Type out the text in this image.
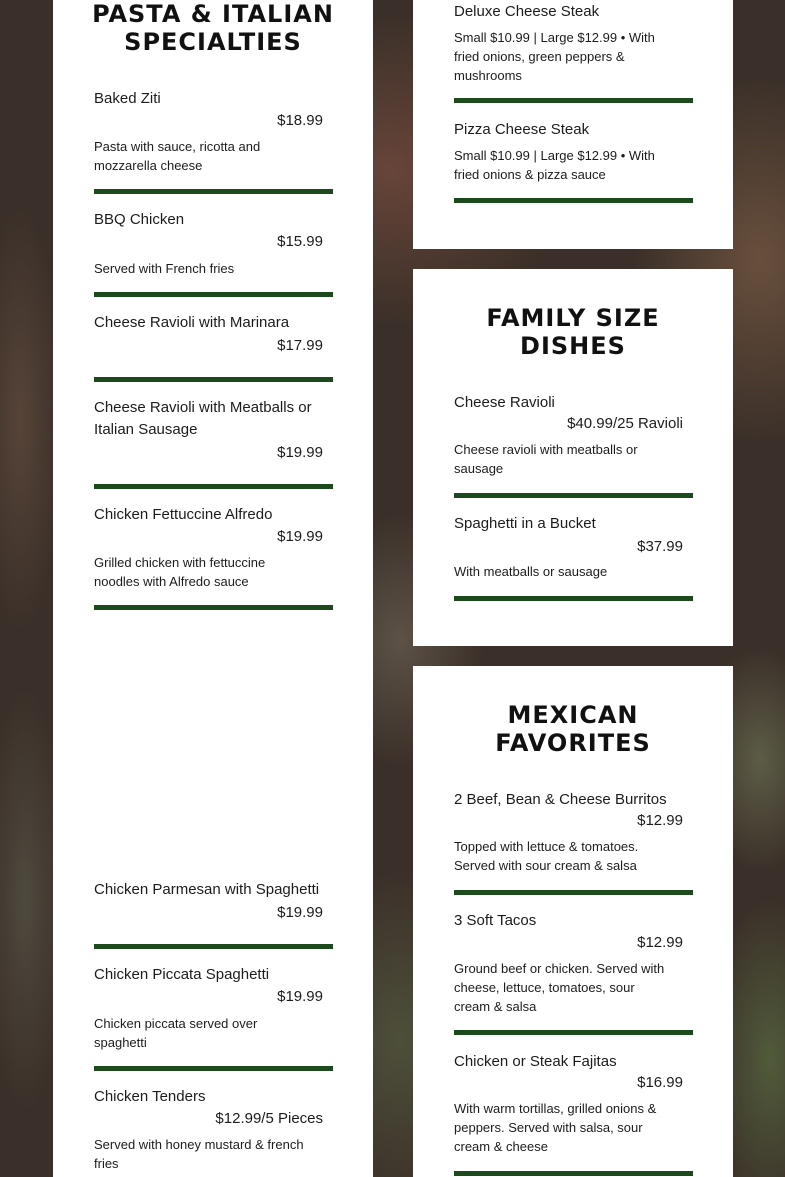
PASTA & ITALIAN
SPECIALTIES
Baked Ziti
$18.99
Pasta with sauce, ricotta and mozzarella cheese
BBQ Chicken
$15.99
Served with French fries
Cheese Ravioli with Marinara
$17.99
Cheese Ravioli with Meatballs or Italian Sausage
$19.99
Chicken Fettuccine Alfredo
$19.99
Grilled chicken with fettuccine noodles with Alfredo sauce
Chicken Parmesan with Spaghetti
$19.99
Chicken Piccata Spaghetti
$19.99
Chicken piccata served over spaghetti
Chicken Tenders
$12.99/5 Pieces
Served with honey mustard & french fries
Deluxe Cheese Steak
Small $10.99 | Large $12.99 • With fried onions, green peppers & mushrooms
Pizza Cheese Steak
Small $10.99 | Large $12.99 • With fried onions & pizza sauce
FAMILY SIZE
DISHES
Cheese Ravioli
$40.99/25 Ravioli
Cheese ravioli with meatballs or sausage
Spaghetti in a Bucket
$37.99
With meatballs or sausage
MEXICAN
FAVORITES
2 Beef, Bean & Cheese Burritos
$12.99
Topped with lettuce & tomatoes. Served with sour cream & salsa
3 Soft Tacos
$12.99
Ground beef or chicken. Served with cheese, lettuce, tomatoes, sour cream & salsa
Chicken or Steak Fajitas
$16.99
With warm tortillas, grilled onions & peppers. Served with salsa, sour cream & cheese
